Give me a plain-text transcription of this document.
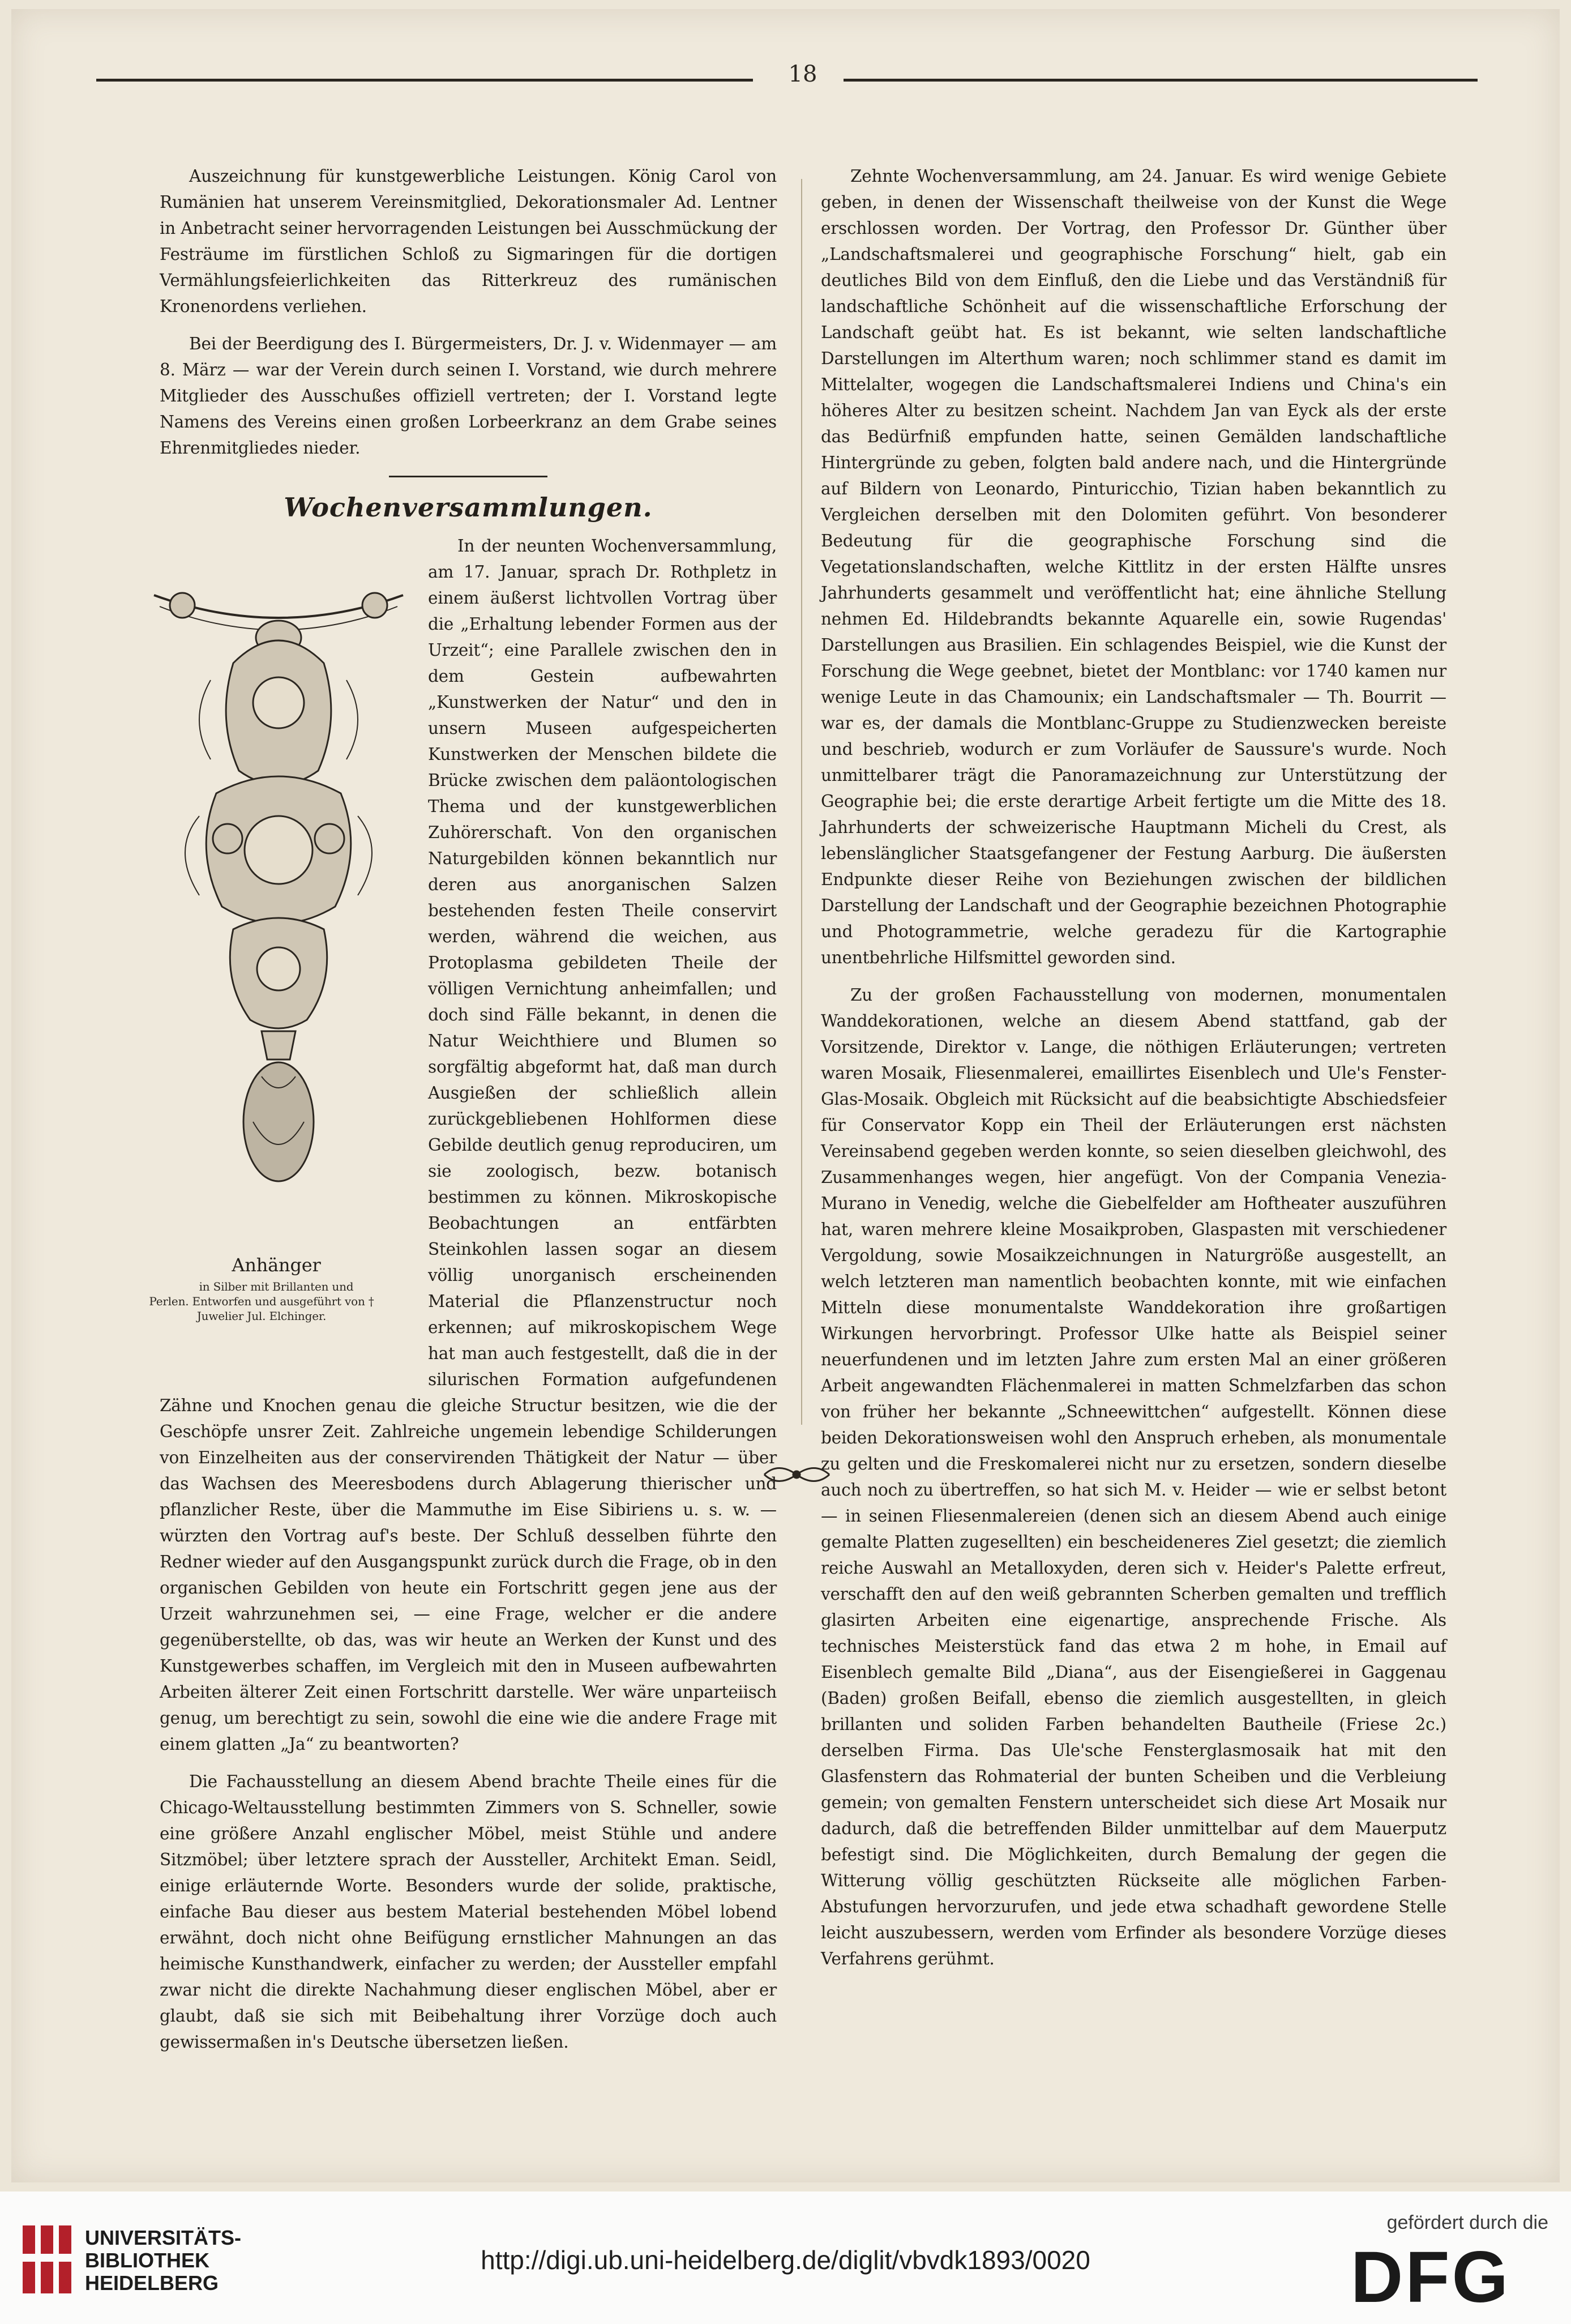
18

Auszeichnung für kunstgewerbliche Leistungen. König Carol von Rumänien hat unserem Vereinsmitglied, Dekorationsmaler Ad. Lentner in Anbetracht seiner hervorragenden Leistungen bei Ausschmückung der Festräume im fürstlichen Schloß zu Sigmaringen für die dortigen Vermählungsfeierlichkeiten das Ritterkreuz des rumänischen Kronenordens verliehen.

Bei der Beerdigung des I. Bürgermeisters, Dr. J. v. Widenmayer — am 8. März — war der Verein durch seinen I. Vorstand, wie durch mehrere Mitglieder des Ausschußes offiziell vertreten; der I. Vorstand legte Namens des Vereins einen großen Lorbeerkranz an dem Grabe seines Ehrenmitgliedes nieder.

Wochenversammlungen.

Anhänger
in Silber mit Brillanten und Perlen. Entworfen und ausgeführt von † Juwelier Jul. Elchinger.
In der neunten Wochenversammlung, am 17. Januar, sprach Dr. Rothpletz in einem äußerst lichtvollen Vortrag über die „Erhaltung lebender Formen aus der Urzeit“; eine Parallele zwischen den in dem Gestein aufbewahrten „Kunstwerken der Natur“ und den in unsern Museen aufgespeicherten Kunstwerken der Menschen bildete die Brücke zwischen dem paläontologischen Thema und der kunstgewerblichen Zuhörerschaft. Von den organischen Naturgebilden können bekanntlich nur deren aus anorganischen Salzen bestehenden festen Theile conservirt werden, während die weichen, aus Protoplasma gebildeten Theile der völligen Vernichtung anheimfallen; und doch sind Fälle bekannt, in denen die Natur Weichthiere und Blumen so sorgfältig abgeformt hat, daß man durch Ausgießen der schließlich allein zurückgebliebenen Hohlformen diese Gebilde deutlich genug reproduciren, um sie zoologisch, bezw. botanisch bestimmen zu können. Mikroskopische Beobachtungen an entfärbten Steinkohlen lassen sogar an diesem völlig unorganisch erscheinenden Material die Pflanzenstructur noch erkennen; auf mikroskopischem Wege hat man auch festgestellt, daß die in der silurischen Formation aufgefundenen Zähne und Knochen genau die gleiche Structur besitzen, wie die der Geschöpfe unsrer Zeit. Zahlreiche ungemein lebendige Schilderungen von Einzelheiten aus der conservirenden Thätigkeit der Natur — über das Wachsen des Meeresbodens durch Ablagerung thierischer und pflanzlicher Reste, über die Mammuthe im Eise Sibiriens u. s. w. — würzten den Vortrag auf's beste. Der Schluß desselben führte den Redner wieder auf den Ausgangspunkt zurück durch die Frage, ob in den organischen Gebilden von heute ein Fortschritt gegen jene aus der Urzeit wahrzunehmen sei, — eine Frage, welcher er die andere gegenüberstellte, ob das, was wir heute an Werken der Kunst und des Kunstgewerbes schaffen, im Vergleich mit den in Museen aufbewahrten Arbeiten älterer Zeit einen Fortschritt darstelle. Wer wäre unparteiisch genug, um berechtigt zu sein, sowohl die eine wie die andere Frage mit einem glatten „Ja“ zu beantworten?

Die Fachausstellung an diesem Abend brachte Theile eines für die Chicago-Weltausstellung bestimmten Zimmers von S. Schneller, sowie eine größere Anzahl englischer Möbel, meist Stühle und andere Sitzmöbel; über letztere sprach der Aussteller, Architekt Eman. Seidl, einige erläuternde Worte. Besonders wurde der solide, praktische, einfache Bau dieser aus bestem Material bestehenden Möbel lobend erwähnt, doch nicht ohne Beifügung ernstlicher Mahnungen an das heimische Kunsthandwerk, einfacher zu werden; der Aussteller empfahl zwar nicht die direkte Nachahmung dieser englischen Möbel, aber er glaubt, daß sie sich mit Beibehaltung ihrer Vorzüge doch auch gewissermaßen in's Deutsche übersetzen ließen.

Zehnte Wochenversammlung, am 24. Januar. Es wird wenige Gebiete geben, in denen der Wissenschaft theilweise von der Kunst die Wege erschlossen worden. Der Vortrag, den Professor Dr. Günther über „Landschaftsmalerei und geographische Forschung“ hielt, gab ein deutliches Bild von dem Einfluß, den die Liebe und das Verständniß für landschaftliche Schönheit auf die wissenschaftliche Erforschung der Landschaft geübt hat. Es ist bekannt, wie selten landschaftliche Darstellungen im Alterthum waren; noch schlimmer stand es damit im Mittelalter, wogegen die Landschaftsmalerei Indiens und China's ein höheres Alter zu besitzen scheint. Nachdem Jan van Eyck als der erste das Bedürfniß empfunden hatte, seinen Gemälden landschaftliche Hintergründe zu geben, folgten bald andere nach, und die Hintergründe auf Bildern von Leonardo, Pinturicchio, Tizian haben bekanntlich zu Vergleichen derselben mit den Dolomiten geführt. Von besonderer Bedeutung für die geographische Forschung sind die Vegetationslandschaften, welche Kittlitz in der ersten Hälfte unsres Jahrhunderts gesammelt und veröffentlicht hat; eine ähnliche Stellung nehmen Ed. Hildebrandts bekannte Aquarelle ein, sowie Rugendas' Darstellungen aus Brasilien. Ein schlagendes Beispiel, wie die Kunst der Forschung die Wege geebnet, bietet der Montblanc: vor 1740 kamen nur wenige Leute in das Chamounix; ein Landschaftsmaler — Th. Bourrit — war es, der damals die Montblanc-Gruppe zu Studienzwecken bereiste und beschrieb, wodurch er zum Vorläufer de Saussure's wurde. Noch unmittelbarer trägt die Panoramazeichnung zur Unterstützung der Geographie bei; die erste derartige Arbeit fertigte um die Mitte des 18. Jahrhunderts der schweizerische Hauptmann Micheli du Crest, als lebenslänglicher Staatsgefangener der Festung Aarburg. Die äußersten Endpunkte dieser Reihe von Beziehungen zwischen der bildlichen Darstellung der Landschaft und der Geographie bezeichnen Photographie und Photogrammetrie, welche geradezu für die Kartographie unentbehrliche Hilfsmittel geworden sind.

Zu der großen Fachausstellung von modernen, monumentalen Wanddekorationen, welche an diesem Abend stattfand, gab der Vorsitzende, Direktor v. Lange, die nöthigen Erläuterungen; vertreten waren Mosaik, Fliesenmalerei, emaillirtes Eisenblech und Ule's Fenster-Glas-Mosaik. Obgleich mit Rücksicht auf die beabsichtigte Abschiedsfeier für Conservator Kopp ein Theil der Erläuterungen erst nächsten Vereinsabend gegeben werden konnte, so seien dieselben gleichwohl, des Zusammenhanges wegen, hier angefügt. Von der Compania Venezia-Murano in Venedig, welche die Giebelfelder am Hoftheater auszuführen hat, waren mehrere kleine Mosaikproben, Glaspasten mit verschiedener Vergoldung, sowie Mosaikzeichnungen in Naturgröße ausgestellt, an welch letzteren man namentlich beobachten konnte, mit wie einfachen Mitteln diese monumentalste Wanddekoration ihre großartigen Wirkungen hervorbringt. Professor Ulke hatte als Beispiel seiner neuerfundenen und im letzten Jahre zum ersten Mal an einer größeren Arbeit angewandten Flächenmalerei in matten Schmelzfarben das schon von früher her bekannte „Schneewittchen“ aufgestellt. Können diese beiden Dekorationsweisen wohl den Anspruch erheben, als monumentale zu gelten und die Freskomalerei nicht nur zu ersetzen, sondern dieselbe auch noch zu übertreffen, so hat sich M. v. Heider — wie er selbst betont — in seinen Fliesenmalereien (denen sich an diesem Abend auch einige gemalte Platten zugesellten) ein bescheideneres Ziel gesetzt; die ziemlich reiche Auswahl an Metalloxyden, deren sich v. Heider's Palette erfreut, verschafft den auf den weiß gebrannten Scherben gemalten und trefflich glasirten Arbeiten eine eigenartige, ansprechende Frische. Als technisches Meisterstück fand das etwa 2 m hohe, in Email auf Eisenblech gemalte Bild „Diana“, aus der Eisengießerei in Gaggenau (Baden) großen Beifall, ebenso die ziemlich ausgestellten, in gleich brillanten und soliden Farben behandelten Bautheile (Friese 2c.) derselben Firma. Das Ule'sche Fensterglasmosaik hat mit den Glasfenstern das Rohmaterial der bunten Scheiben und die Verbleiung gemein; von gemalten Fenstern unterscheidet sich diese Art Mosaik nur dadurch, daß die betreffenden Bilder unmittelbar auf dem Mauerputz befestigt sind. Die Möglichkeiten, durch Bemalung der gegen die Witterung völlig geschützten Rückseite alle möglichen Farben-Abstufungen hervorzurufen, und jede etwa schadhaft gewordene Stelle leicht auszubessern, werden vom Erfinder als besondere Vorzüge dieses Verfahrens gerühmt.

UNIVERSITÄTS-
BIBLIOTHEK
HEIDELBERG
http://digi.ub.uni-heidelberg.de/diglit/vbvdk1893/0020
gefördert durch die
DFG
